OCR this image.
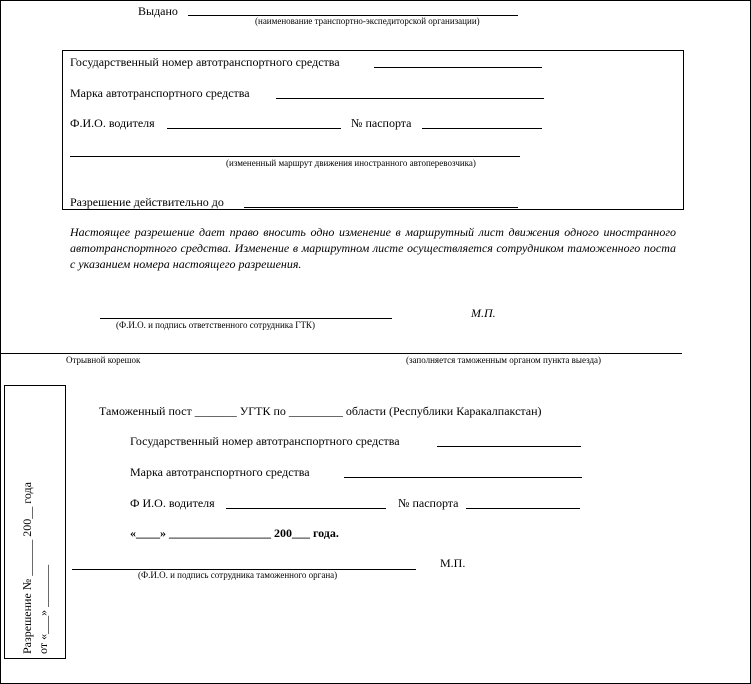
Выдано
(наименование транспортно-экспедиторской организации)
Государственный номер автотранспортного средства
Марка автотранспортного средства
Ф.И.О. водителя	№ паспорта
(измененный маршрут движения иностранного автоперевозчика)
Разрешение действительно до
Настоящее разрешение дает право вносить одно изменение в маршрутный лист движения одного иностранного автотранспортного средства. Изменение в маршрутном листе осуществляется сотрудником таможенного поста с указанием номера настоящего разрешения.
(Ф.И.О. и подпись ответственного сотрудника ГТК)
М.П.
Отрывной корешок	(заполняется таможенным органом пункта выезда)
Разрешение № ______ 200__ года от «___» _______
Таможенный пост _______ УГТК по _________ области (Республики Каракалпакстан)
Государственный номер автотранспортного средства
Марка автотранспортного средства
Ф И.О. водителя	№ паспорта
«____» _________________ 200___ года.
(Ф.И.О. и подпись сотрудника таможенного органа)
М.П.
